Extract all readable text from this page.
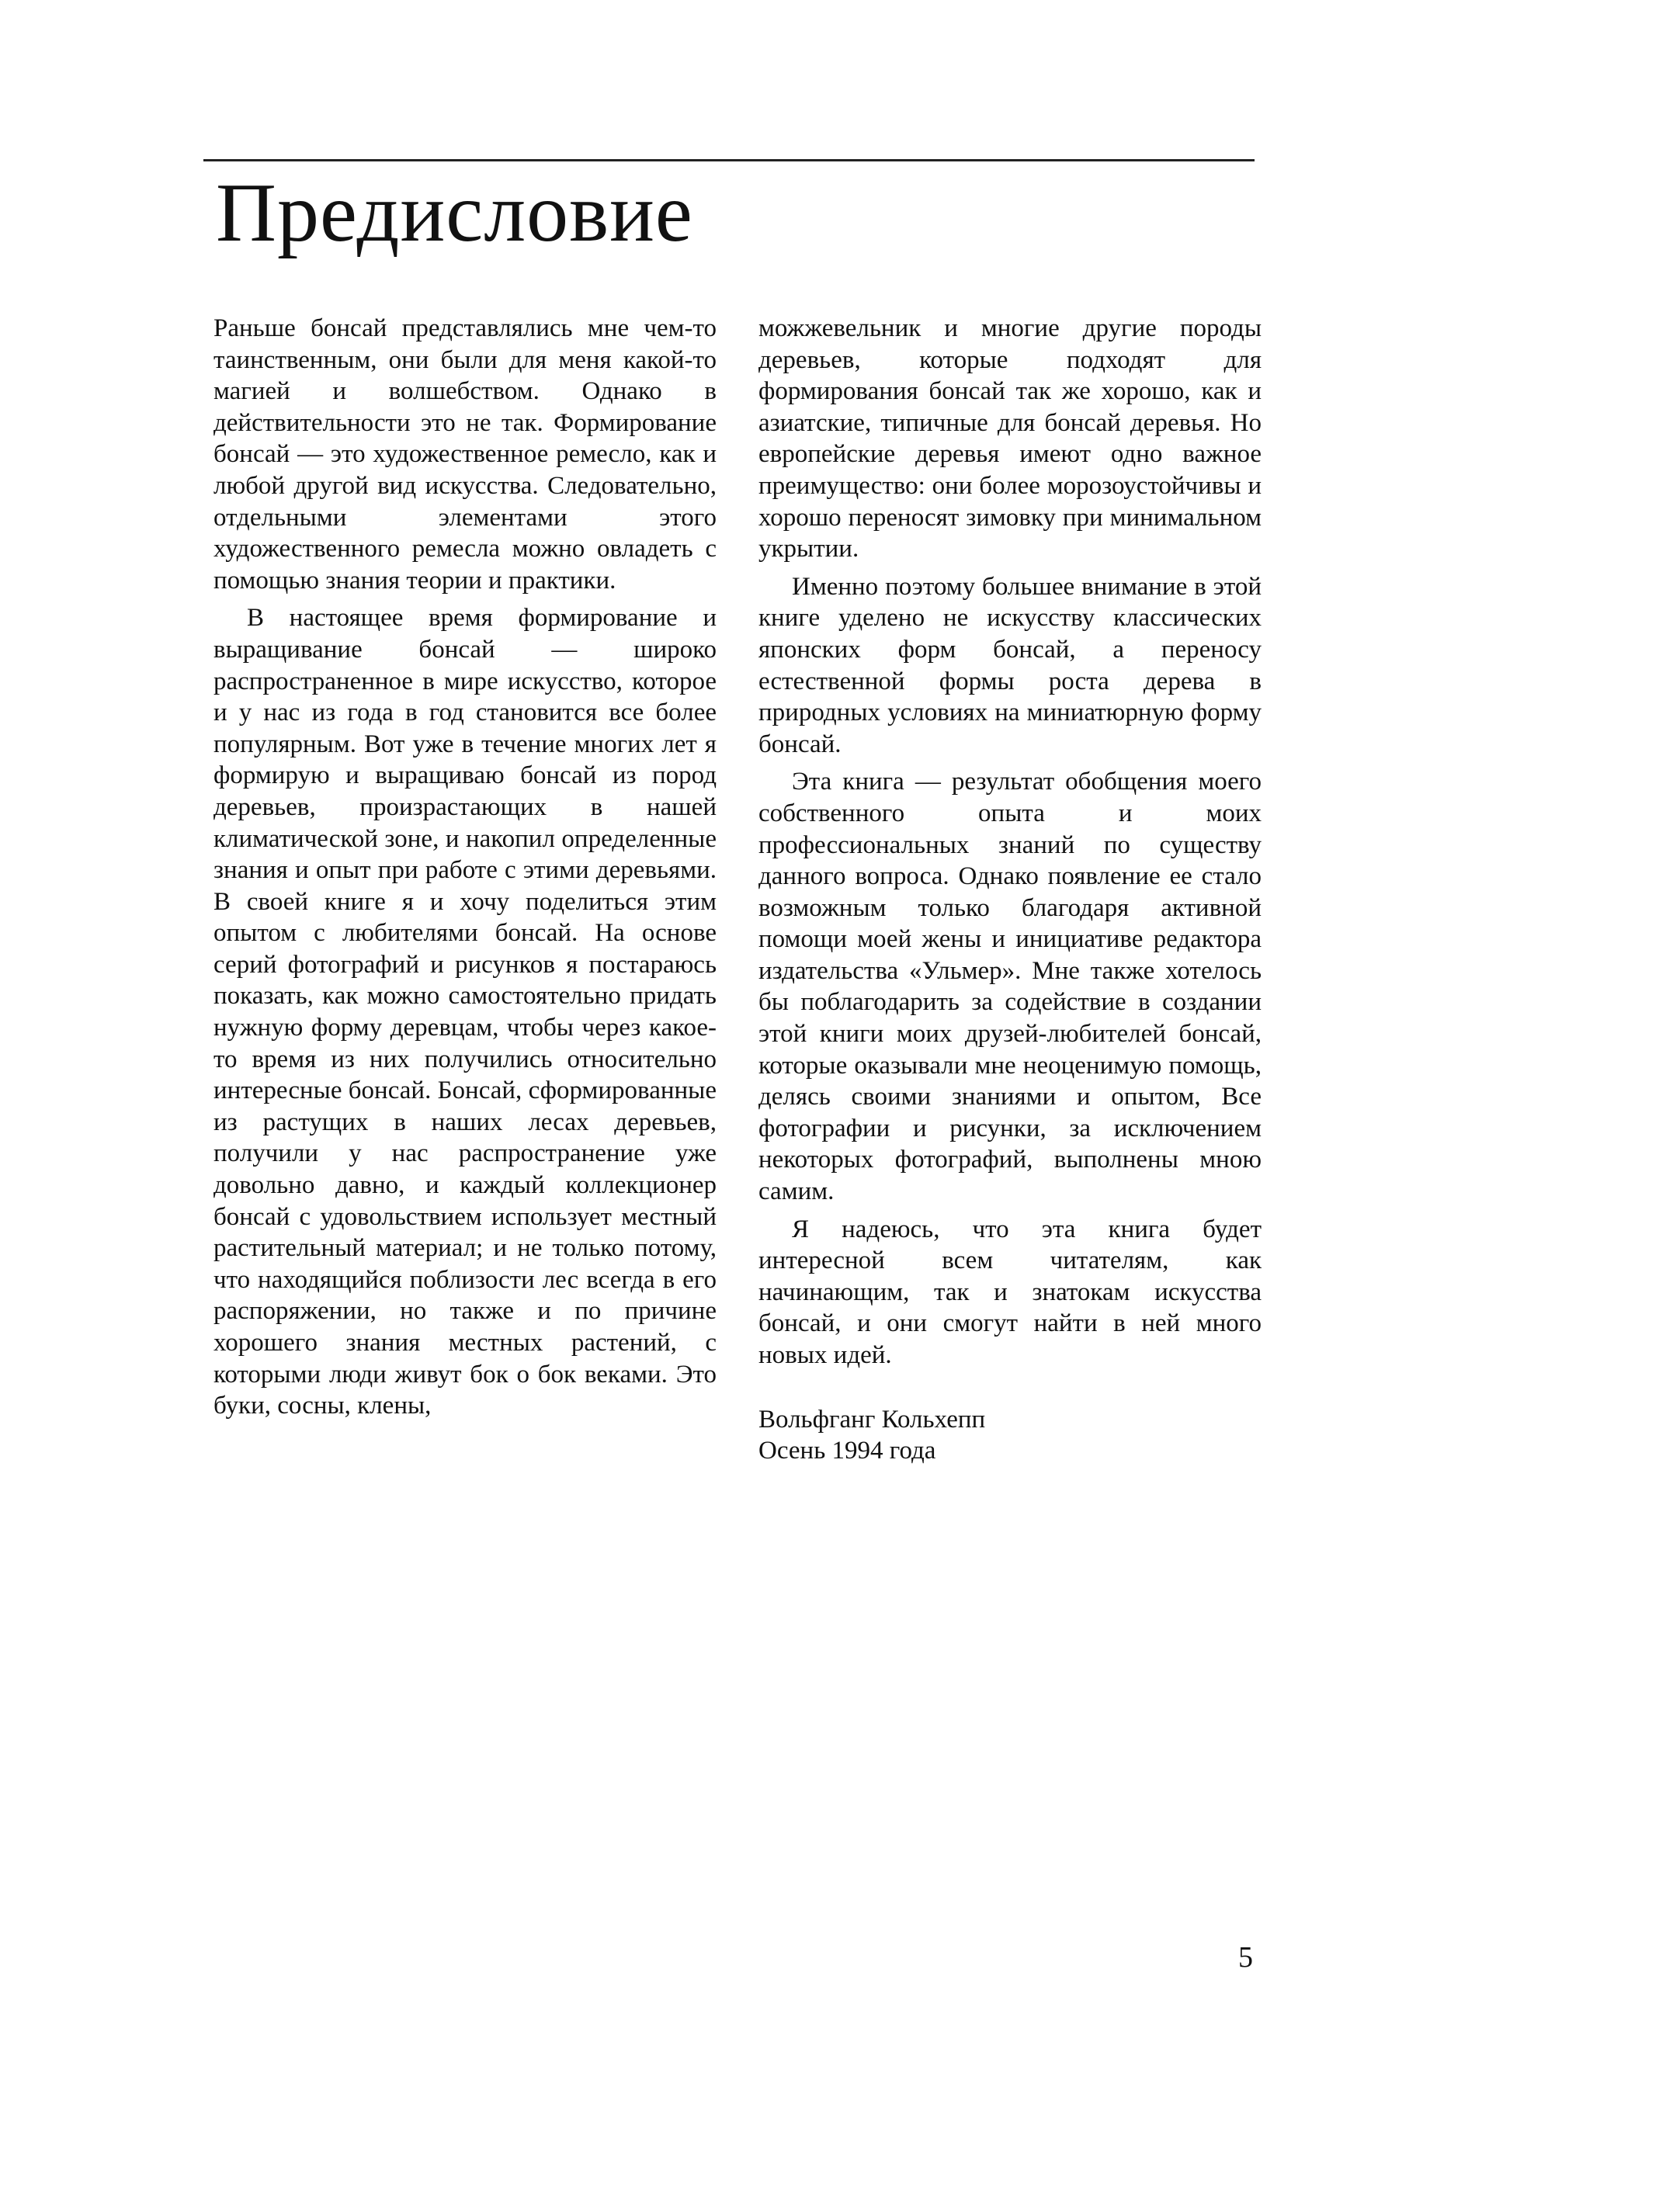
Предисловие

Раньше бонсай представлялись мне чем-то таинственным, они были для меня какой-то магией и волшебством. Однако в действительности это не так. Формирование бонсай — это художественное ремесло, как и любой другой вид искусства. Следовательно, отдельными элементами этого художественного ремесла можно овладеть с помощью знания теории и практики.

В настоящее время формирование и выращивание бонсай — широко распространенное в мире искусство, которое и у нас из года в год становится все более популярным. Вот уже в течение многих лет я формирую и выращиваю бонсай из пород деревьев, произрастающих в нашей климатической зоне, и накопил определенные знания и опыт при работе с этими деревьями. В своей книге я и хочу поделиться этим опытом с любителями бонсай. На основе серий фотографий и рисунков я постараюсь показать, как можно самостоятельно придать нужную форму деревцам, чтобы через какое-то время из них получились относительно интересные бонсай. Бонсай, сформированные из растущих в наших лесах деревьев, получили у нас распространение уже довольно давно, и каждый коллекционер бонсай с удовольствием использует местный растительный материал; и не только потому, что находящийся поблизости лес всегда в его распоряжении, но также и по причине хорошего знания местных растений, с которыми люди живут бок о бок веками. Это буки, сосны, клены,

можжевельник и многие другие породы деревьев, которые подходят для формирования бонсай так же хорошо, как и азиатские, типичные для бонсай деревья. Но европейские деревья имеют одно важное преимущество: они более морозоустойчивы и хорошо переносят зимовку при минимальном укрытии.

Именно поэтому большее внимание в этой книге уделено не искусству классических японских форм бонсай, а переносу естественной формы роста дерева в природных условиях на миниатюрную форму бонсай.

Эта книга — результат обобщения моего собственного опыта и моих профессиональных знаний по существу данного вопроса. Однако появление ее стало возможным только благодаря активной помощи моей жены и инициативе редактора издательства «Ульмер». Мне также хотелось бы поблагодарить за содействие в создании этой книги моих друзей-любителей бонсай, которые оказывали мне неоценимую помощь, делясь своими знаниями и опытом, Все фотографии и рисунки, за исключением некоторых фотографий, выполнены мною самим.

Я надеюсь, что эта книга будет интересной всем читателям, как начинающим, так и знатокам искусства бонсай, и они смогут найти в ней много новых идей.

Вольфганг Кольхепп
Осень 1994 года
5
